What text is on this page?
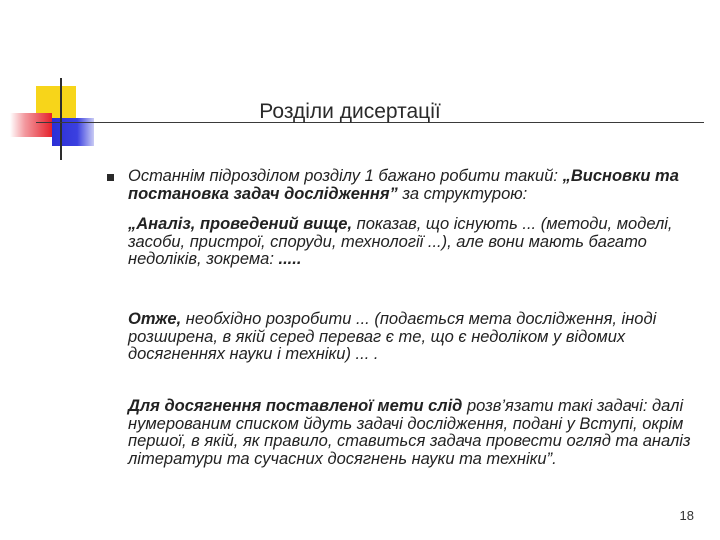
Розділи дисертації
Останнім підрозділом розділу 1 бажано робити такий: „Висновки та постановка задач дослідження” за структурою:
„Аналіз, проведений вище, показав, що існують ... (методи, моделі, засоби, пристрої, споруди, технології ...), але вони мають багато недоліків, зокрема: .....
Отже, необхідно розробити ... (подається мета дослідження, іноді розширена, в якій серед переваг є те, що є недоліком у відомих досягненнях науки і техніки) ... .
Для досягнення поставленої мети слід розв’язати такі задачі: далі нумерованим списком йдуть задачі дослідження, подані у Вступі, окрім першої, в якій, як правило, ставиться задача провести огляд та аналіз літератури та сучасних досягнень науки та техніки”.
18
